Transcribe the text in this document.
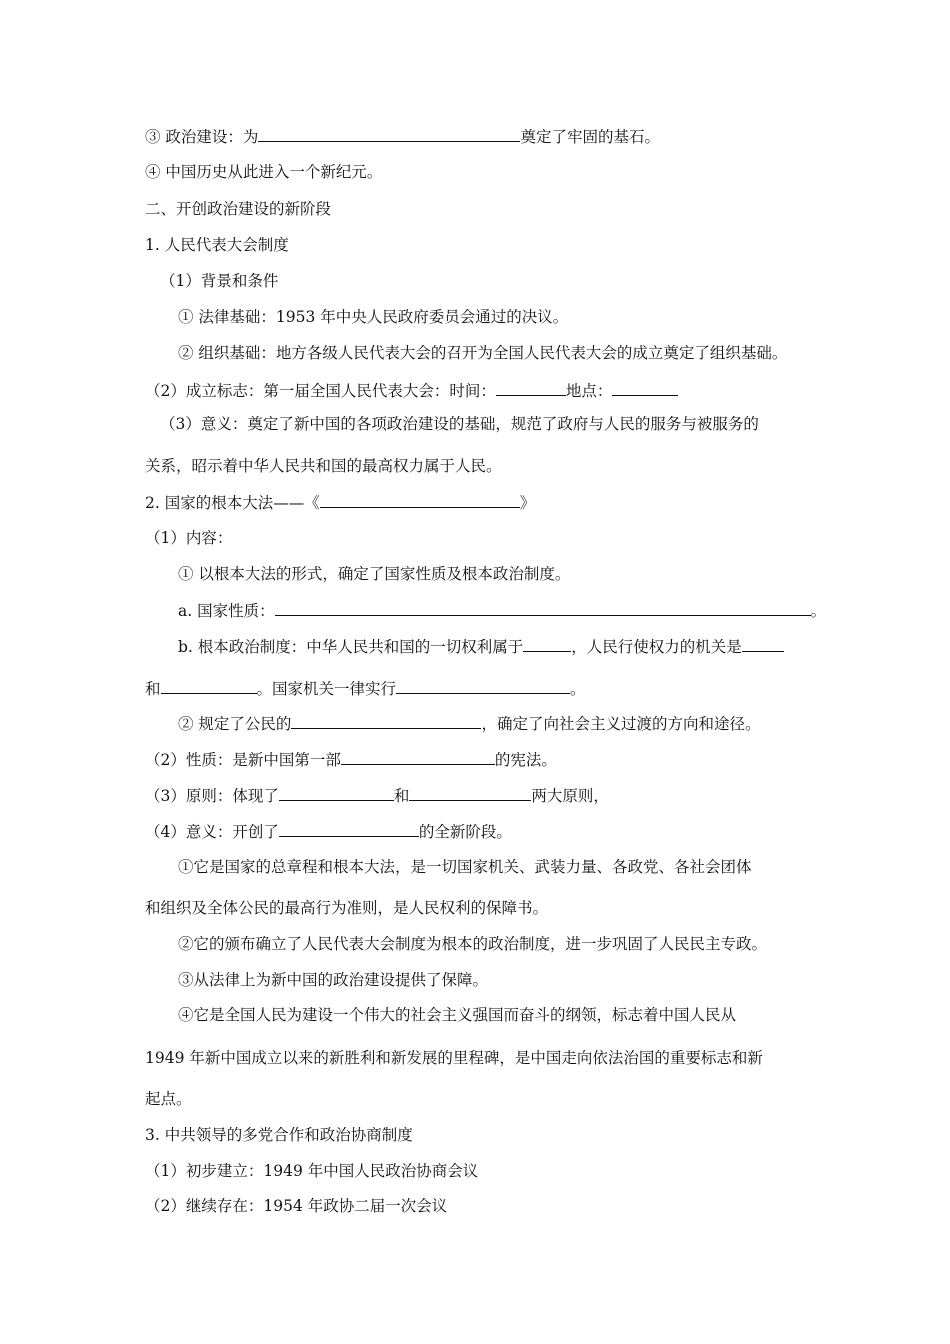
③ 政治建设：为	奠定了牢固的基石。
④ 中国历史从此进入一个新纪元。
二、开创政治建设的新阶段
1. 人民代表大会制度
（1）背景和条件
① 法律基础：1953 年中央人民政府委员会通过的决议。
② 组织基础：地方各级人民代表大会的召开为全国人民代表大会的成立奠定了组织基础。
（2）成立标志：第一届全国人民代表大会：时间：	地点：
（3）意义：奠定了新中国的各项政治建设的基础，规范了政府与人民的服务与被服务的
关系，昭示着中华人民共和国的最高权力属于人民。
2. 国家的根本大法——《	》
（1）内容：
① 以根本大法的形式，确定了国家性质及根本政治制度。
a. 国家性质：	。
b. 根本政治制度：中华人民共和国的一切权利属于	，人民行使权力的机关是
和	。国家机关一律实行	。
② 规定了公民的	，确定了向社会主义过渡的方向和途径。
（2）性质：是新中国第一部	的宪法。
（3）原则：体现了	和	两大原则，
（4）意义：开创了	的全新阶段。
①它是国家的总章程和根本大法，是一切国家机关、武装力量、各政党、各社会团体
和组织及全体公民的最高行为准则，是人民权利的保障书。
②它的颁布确立了人民代表大会制度为根本的政治制度，进一步巩固了人民民主专政。
③从法律上为新中国的政治建设提供了保障。
④它是全国人民为建设一个伟大的社会主义强国而奋斗的纲领，标志着中国人民从
1949 年新中国成立以来的新胜利和新发展的里程碑，是中国走向依法治国的重要标志和新
起点。
3. 中共领导的多党合作和政治协商制度
（1）初步建立：1949 年中国人民政治协商会议
（2）继续存在：1954 年政协二届一次会议
